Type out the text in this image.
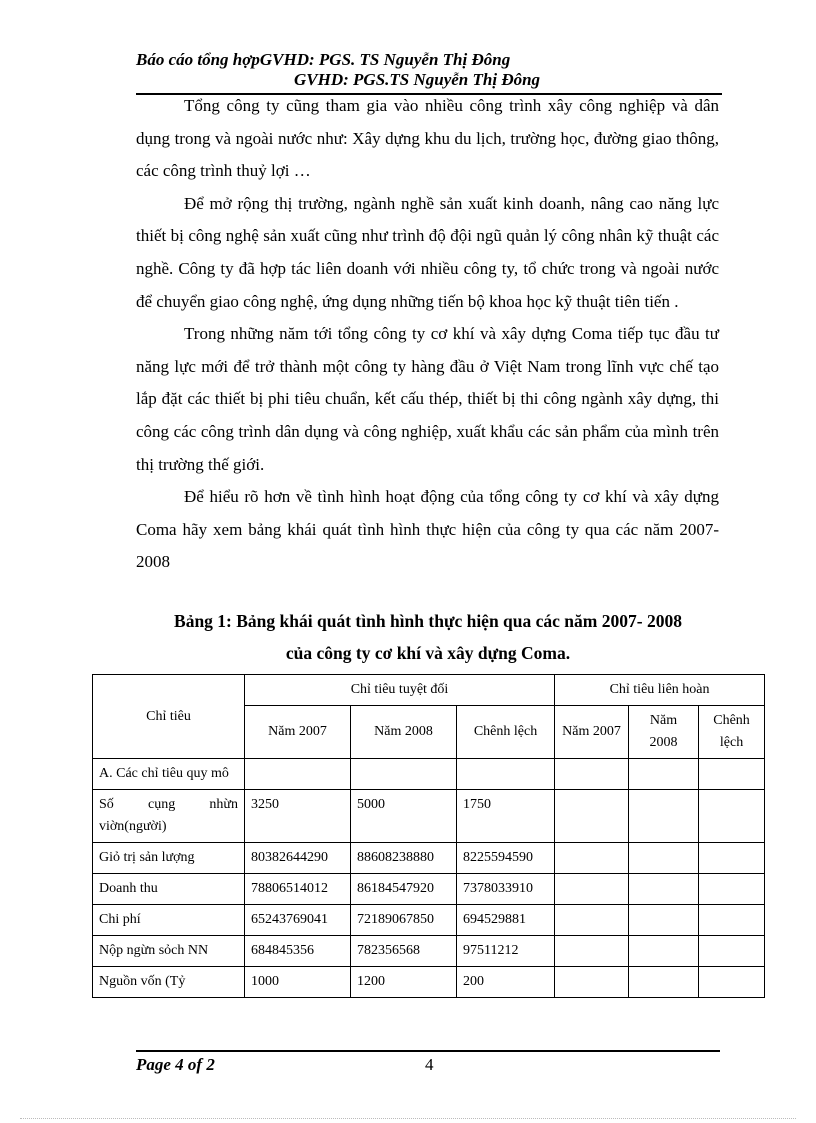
Báo cáo tổng hợpGVHD: PGS. TS Nguyễn Thị Đông
GVHD: PGS.TS Nguyễn Thị Đông

Tổng công ty cũng tham gia vào nhiều công trình xây công nghiệp và dân dụng trong và ngoài nước như: Xây dựng khu du lịch, trường học, đường giao thông, các công trình thuỷ lợi …

Để mở rộng thị trường, ngành nghề sản xuất kinh doanh, nâng cao năng lực thiết bị công nghệ sản xuất cũng như trình độ đội ngũ quản lý công nhân kỹ thuật các nghề. Công ty đã hợp tác liên doanh với nhiều công ty, tổ chức trong và ngoài nước để chuyển giao công nghệ, ứng dụng những tiến bộ khoa học kỹ thuật tiên tiến .

Trong những năm tới tổng công ty cơ khí và xây dựng Coma tiếp tục đầu tư năng lực mới để trở thành một công ty hàng đầu ở Việt Nam trong lĩnh vực chế tạo lắp đặt các thiết bị phi tiêu chuẩn, kết cấu thép, thiết bị thi công ngành xây dựng, thi công các công trình dân dụng và công nghiệp, xuất khẩu các sản phẩm của mình trên thị trường thế giới.

Để hiểu rõ hơn về tình hình hoạt động của tổng công ty cơ khí và xây dựng Coma hãy xem bảng khái quát tình hình thực hiện của công ty qua các năm 2007- 2008

Bảng 1: Bảng khái quát tình hình thực hiện qua các năm 2007- 2008
của công ty cơ khí và xây dựng Coma.
Chỉ tiêu	Chỉ tiêu tuyệt đối			Chỉ tiêu liên hoàn		
	Năm 2007	Năm 2008	Chênh lệch	Năm 2007	Năm 2008	Chênh lệch
A. Các chỉ tiêu quy mô						
Số cụng nhừn viờn(người)	3250	5000	1750			
Giỏ trị sản lượng	80382644290	88608238880	8225594590			
Doanh thu	78806514012	86184547920	7378033910			
Chi phí	65243769041	72189067850	694529881			
Nộp ngừn sỏch NN	684845356	782356568	97511212			
Nguồn vốn (Tỷ	1000	1200	200			
Page 4 of 2	4
